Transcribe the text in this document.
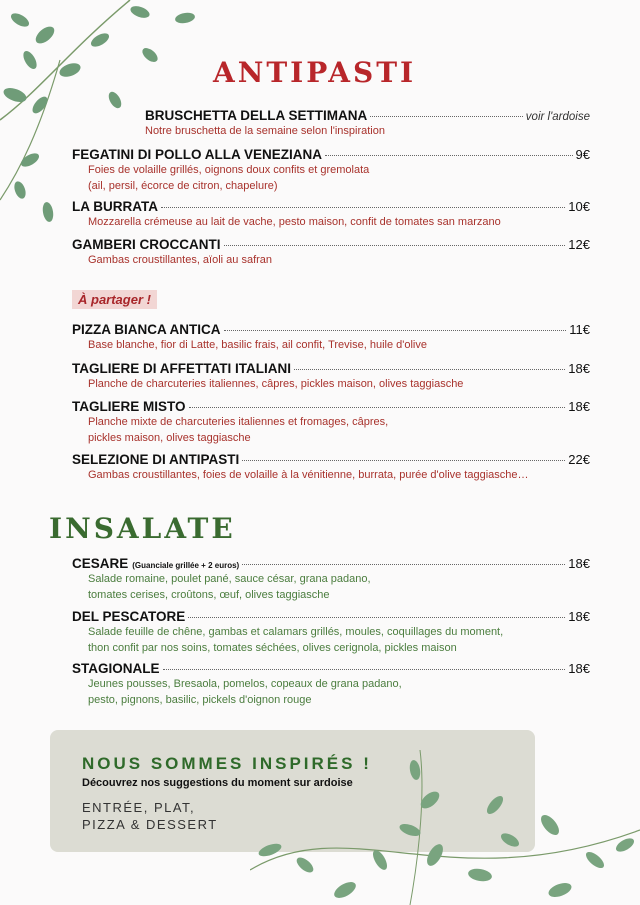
ANTIPASTI
BRUSCHETTA DELLA SETTIMANA	voir l'ardoise
Notre bruschetta de la semaine selon l'inspiration
FEGATINI DI POLLO ALLA VENEZIANA	9€
Foies de volaille grillés, oignons doux confits et gremolata
(ail, persil, écorce de citron, chapelure)
LA BURRATA	10€
Mozzarella crémeuse au lait de vache, pesto maison, confit de tomates san marzano
GAMBERI CROCCANTI	12€
Gambas croustillantes, aïoli au safran
À partager !
PIZZA BIANCA ANTICA	11€
Base blanche, fior di Latte, basilic frais, ail confit, Trevise, huile d'olive
TAGLIERE DI AFFETTATI ITALIANI	18€
Planche de charcuteries italiennes, câpres, pickles maison, olives taggiasche
TAGLIERE MISTO	18€
Planche mixte de charcuteries italiennes et fromages, câpres,
pickles maison, olives taggiasche
SELEZIONE DI ANTIPASTI	22€
Gambas croustillantes, foies de volaille à la vénitienne, burrata, purée d'olive taggiasche…
INSALATE
CESARE (Guanciale grillée + 2 euros)	18€
Salade romaine, poulet pané, sauce césar, grana padano,
tomates cerises, croûtons, œuf, olives taggiasche
DEL PESCATORE	18€
Salade feuille de chêne, gambas et calamars grillés, moules, coquillages du moment,
thon confit par nos soins, tomates séchées, olives cerignola, pickles maison
STAGIONALE	18€
Jeunes pousses, Bresaola, pomelos, copeaux de grana padano,
pesto, pignons, basilic, pickels d'oignon rouge
NOUS SOMMES INSPIRÉS !
Découvrez nos suggestions du moment sur ardoise
ENTRÉE, PLAT,
PIZZA & DESSERT
